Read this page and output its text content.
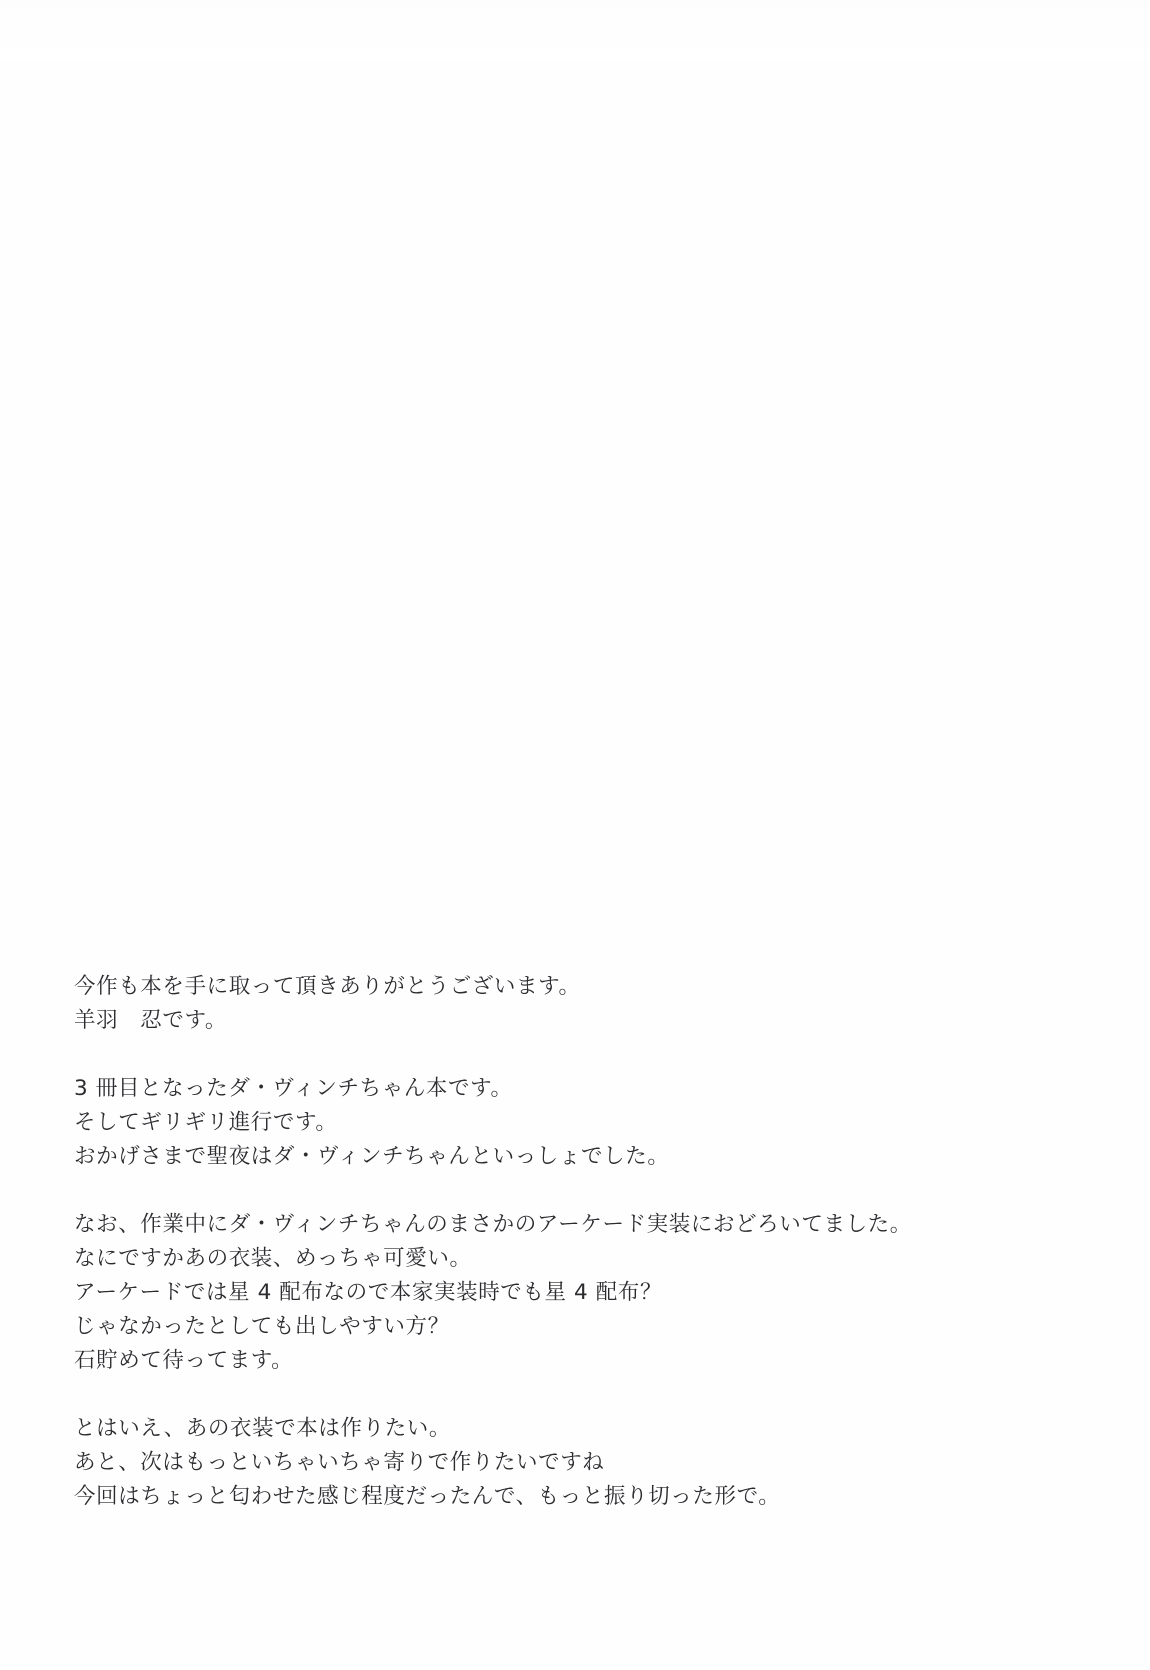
今作も本を手に取って頂きありがとうございます。
羊羽　忍です。
3 冊目となったダ・ヴィンチちゃん本です。
そしてギリギリ進行です。
おかげさまで聖夜はダ・ヴィンチちゃんといっしょでした。
なお、作業中にダ・ヴィンチちゃんのまさかのアーケード実装におどろいてました。
なにですかあの衣装、めっちゃ可愛い。
アーケードでは星 4 配布なので本家実装時でも星 4 配布？
じゃなかったとしても出しやすい方？
石貯めて待ってます。
とはいえ、あの衣装で本は作りたい。
あと、次はもっといちゃいちゃ寄りで作りたいですね
今回はちょっと匂わせた感じ程度だったんで、もっと振り切った形で。
